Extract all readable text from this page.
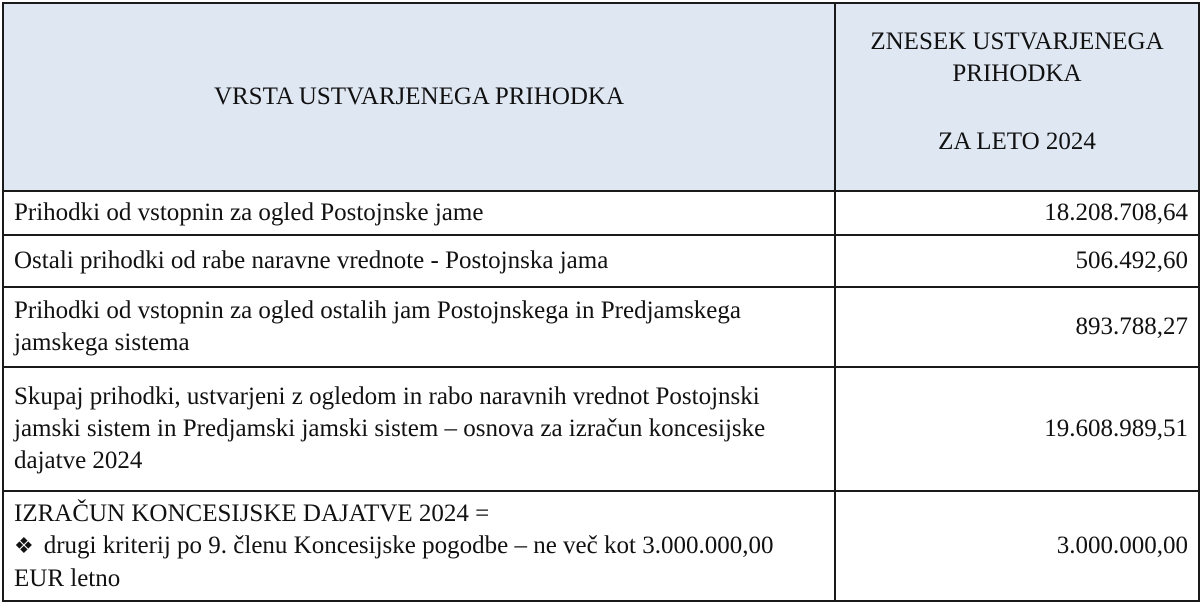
VRSTA USTVARJENEGA PRIHODKA	ZNESEK USTVARJENEGA
PRIHODKA
ZA LETO 2024

Prihodki od vstopnin za ogled Postojnske jame	18.208.708,64
Ostali prihodki od rabe naravne vrednote - Postojnska jama	506.492,60
Prihodki od vstopnin za ogled ostalih jam Postojnskega in Predjamskega jamskega sistema	893.788,27
Skupaj prihodki, ustvarjeni z ogledom in rabo naravnih vrednot Postojnski jamski sistem in Predjamski jamski sistem – osnova za izračun koncesijske dajatve 2024	19.608.989,51

IZRAČUN KONCESIJSKE DAJATVE 2024 =
❖ drugi kriterij po 9. členu Koncesijske pogodbe – ne več kot 3.000.000,00 EUR letno	3.000.000,00
